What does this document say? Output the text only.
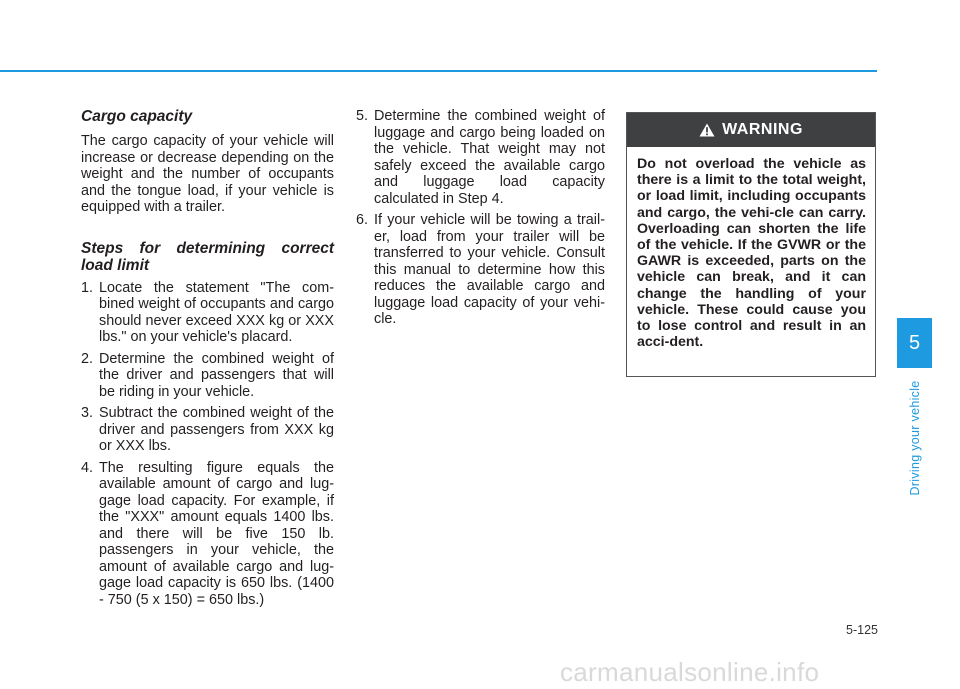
Cargo capacity

The cargo capacity of your vehicle will increase or decrease depending on the weight and the number of occupants and the tongue load, if your vehicle is equipped with a trailer.

Steps for determining correct load limit
1. Locate the statement "The com-bined weight of occupants and cargo should never exceed XXX kg or XXX lbs." on your vehicle's placard.
2. Determine the combined weight of the driver and passengers that will be riding in your vehicle.
3. Subtract the combined weight of the driver and passengers from XXX kg or XXX lbs.
4. The resulting figure equals the available amount of cargo and lug-gage load capacity. For example, if the "XXX" amount equals 1400 lbs. and there will be five 150 lb. passengers in your vehicle, the amount of available cargo and lug-gage load capacity is 650 lbs. (1400 - 750 (5 x 150) = 650 lbs.)
5. Determine the combined weight of luggage and cargo being loaded on the vehicle. That weight may not safely exceed the available cargo and luggage load capacity calculated in Step 4.
6. If your vehicle will be towing a trail-er, load from your trailer will be transferred to your vehicle. Consult this manual to determine how this reduces the available cargo and luggage load capacity of your vehi-cle.
WARNING
Do not overload the vehicle as there is a limit to the total weight, or load limit, including occupants and cargo, the vehi-cle can carry. Overloading can shorten the life of the vehicle. If the GVWR or the GAWR is exceeded, parts on the vehicle can break, and it can change the handling of your vehicle. These could cause you to lose control and result in an acci-dent.	5
Driving your vehicle
5-125
carmanualsonline.info
